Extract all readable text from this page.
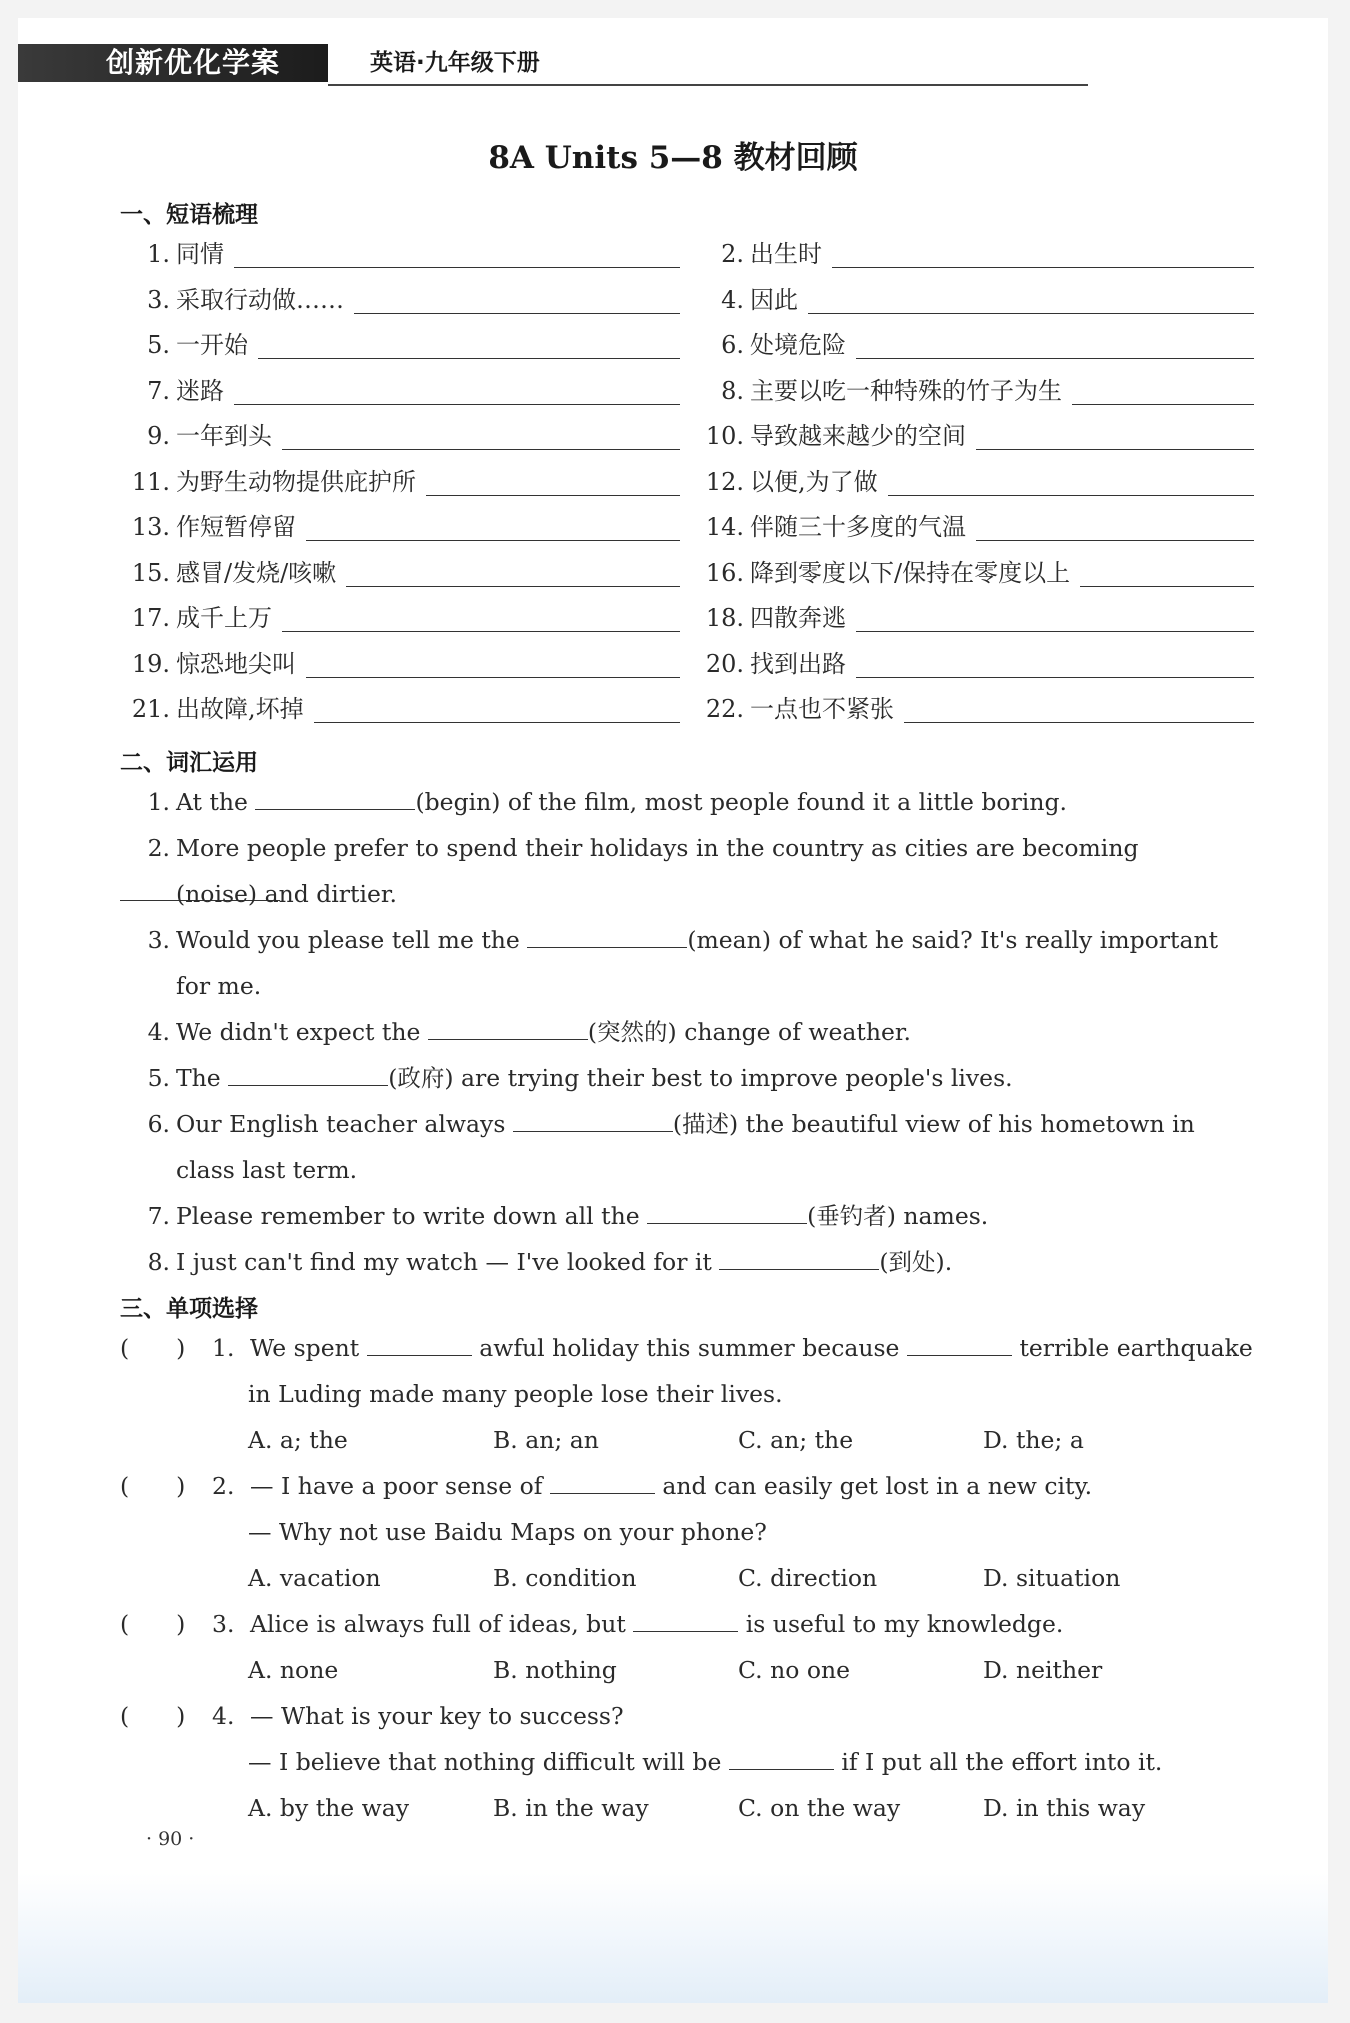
创新优化学案	英语·九年级下册
8A Units 5—8 教材回顾
一、短语梳理
1. 同情	2. 出生时
3. 采取行动做……	4. 因此
5. 一开始	6. 处境危险
7. 迷路	8. 主要以吃一种特殊的竹子为生
9. 一年到头	10. 导致越来越少的空间
11. 为野生动物提供庇护所	12. 以便,为了做
13. 作短暂停留	14. 伴随三十多度的气温
15. 感冒/发烧/咳嗽	16. 降到零度以下/保持在零度以上
17. 成千上万	18. 四散奔逃
19. 惊恐地尖叫	20. 找到出路
21. 出故障,坏掉	22. 一点也不紧张
二、词汇运用
1. At the	(begin) of the film, most people found it a little boring.
2. More people prefer to spend their holidays in the country as cities are becoming
(noise) and dirtier.
3. Would you please tell me the	(mean) of what he said? It's really important
for me.
4. We didn't expect the	(突然的) change of weather.
5. The	(政府) are trying their best to improve people's lives.
6. Our English teacher always	(描述) the beautiful view of his hometown in
class last term.
7. Please remember to write down all the	(垂钓者) names.
8. I just can't find my watch — I've looked for it	(到处).
三、单项选择
(　　) 1. We spent	awful holiday this summer because	terrible earthquake
in Luding made many people lose their lives.
A. a; the	B. an; an	C. an; the	D. the; a
(　　) 2. — I have a poor sense of	and can easily get lost in a new city.
— Why not use Baidu Maps on your phone?
A. vacation	B. condition	C. direction	D. situation
(　　) 3. Alice is always full of ideas, but	is useful to my knowledge.
A. none	B. nothing	C. no one	D. neither
(　　) 4. — What is your key to success?
— I believe that nothing difficult will be	if I put all the effort into it.
A. by the way	B. in the way	C. on the way	D. in this way
· 90 ·
